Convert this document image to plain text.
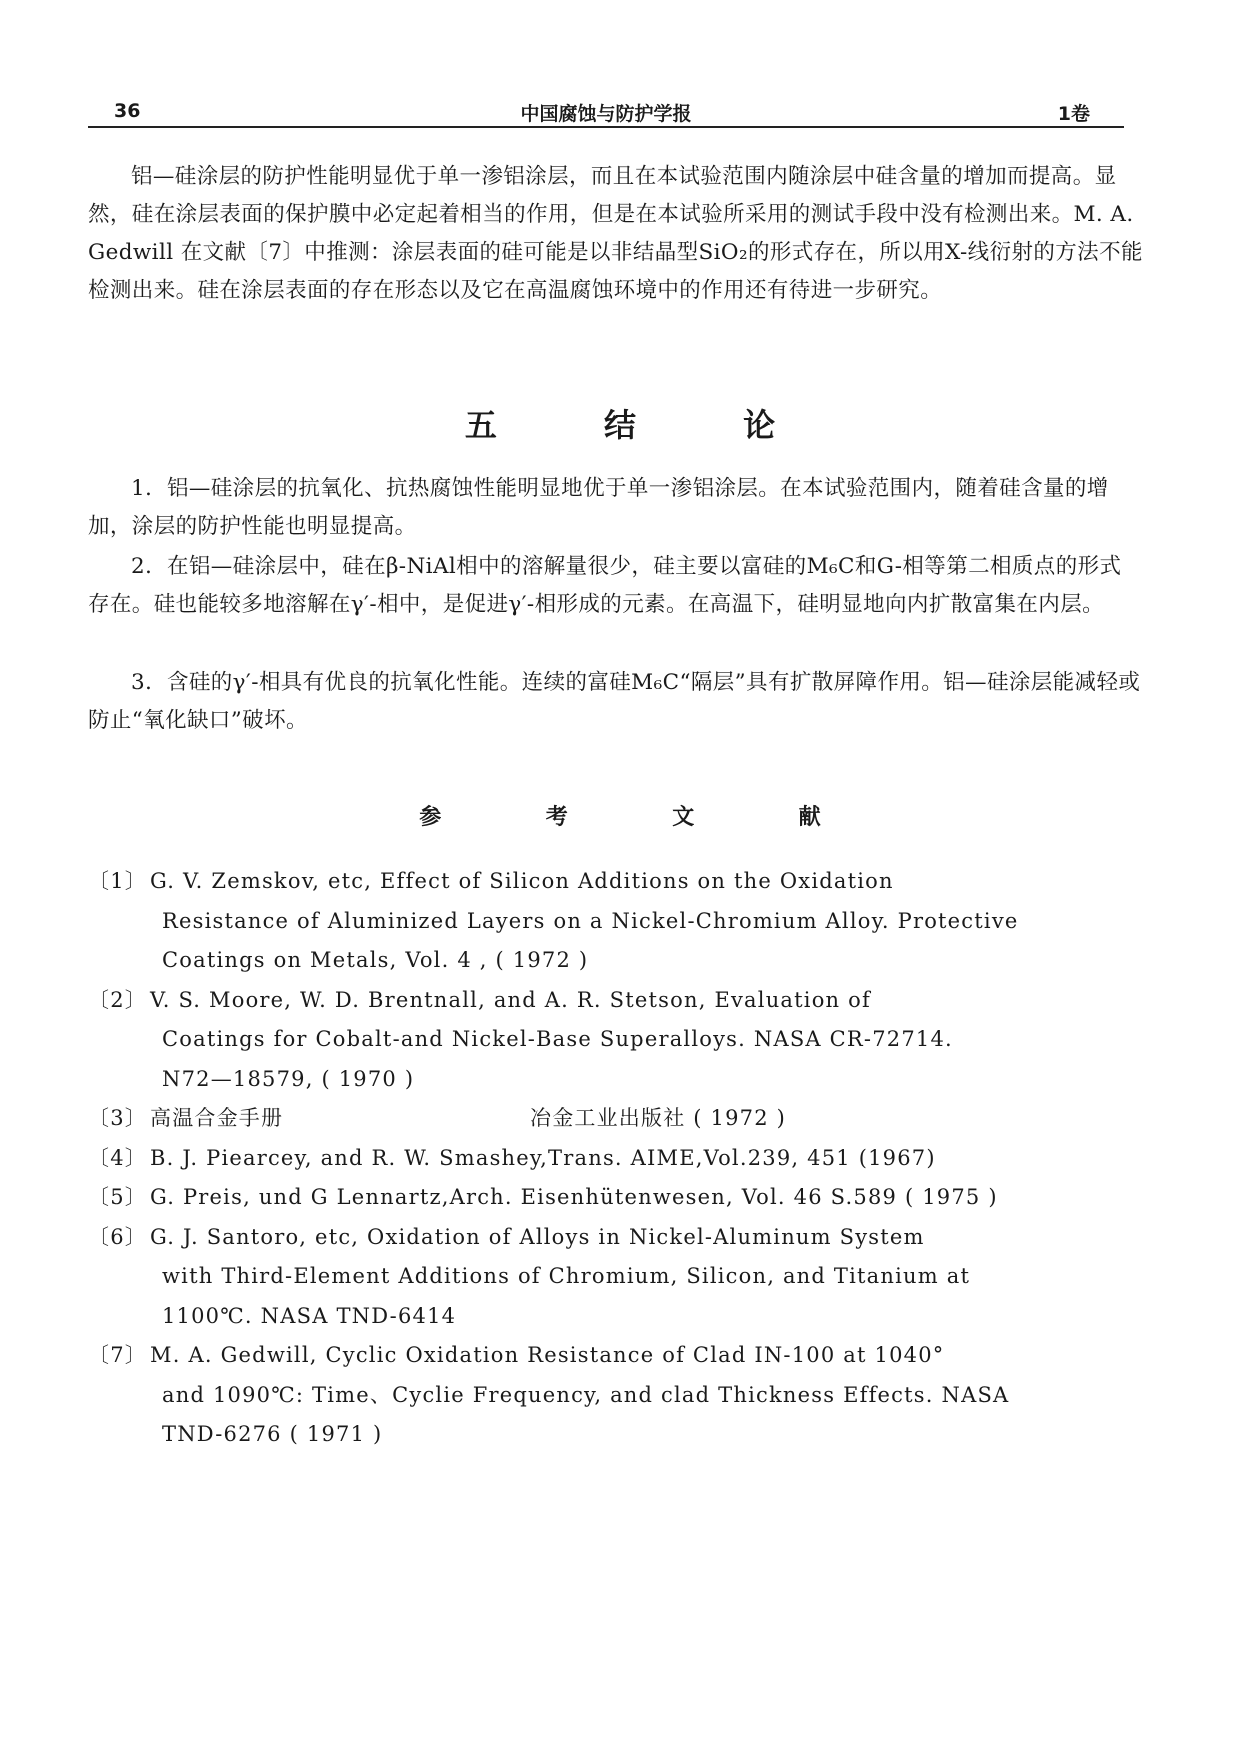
36	中国腐蚀与防护学报	1卷

铝—硅涂层的防护性能明显优于单一渗铝涂层，而且在本试验范围内随涂层中硅含量的增加而提高。显然，硅在涂层表面的保护膜中必定起着相当的作用，但是在本试验所采用的测试手段中没有检测出来。M. A. Gedwill 在文献〔7〕中推测：涂层表面的硅可能是以非结晶型SiO₂的形式存在，所以用X-线衍射的方法不能检测出来。硅在涂层表面的存在形态以及它在高温腐蚀环境中的作用还有待进一步研究。

五 结 论

1．铝—硅涂层的抗氧化、抗热腐蚀性能明显地优于单一渗铝涂层。在本试验范围内，随着硅含量的增加，涂层的防护性能也明显提高。

2．在铝—硅涂层中，硅在β-NiAl相中的溶解量很少，硅主要以富硅的M₆C和G-相等第二相质点的形式存在。硅也能较多地溶解在γ′-相中，是促进γ′-相形成的元素。在高温下，硅明显地向内扩散富集在内层。

3．含硅的γ′-相具有优良的抗氧化性能。连续的富硅M₆C“隔层”具有扩散屏障作用。铝—硅涂层能减轻或防止“氧化缺口”破坏。

参 考 文 献
〔1〕 G. V. Zemskov, etc, Effect of Silicon Additions on the Oxidation
Resistance of Aluminized Layers on a Nickel-Chromium Alloy. Protective
Coatings on Metals, Vol. 4 , ( 1972 )
〔2〕 V. S. Moore, W. D. Brentnall, and A. R. Stetson, Evaluation of
Coatings for Cobalt-and Nickel-Base Superalloys. NASA CR-72714.
N72—18579, ( 1970 )
〔3〕 高温合金手册	冶金工业出版社 ( 1972 )
〔4〕 B. J. Piearcey, and R. W. Smashey,Trans. AIME,Vol.239, 451 (1967)
〔5〕 G. Preis, und G Lennartz,Arch. Eisenhütenwesen, Vol. 46 S.589 ( 1975 )
〔6〕 G. J. Santoro, etc, Oxidation of Alloys in Nickel-Aluminum System
with Third-Element Additions of Chromium, Silicon, and Titanium at
1100℃. NASA TND-6414
〔7〕 M. A. Gedwill, Cyclic Oxidation Resistance of Clad IN-100 at 1040°
and 1090℃: Time、Cyclie Frequency, and clad Thickness Effects. NASA
TND-6276 ( 1971 )
